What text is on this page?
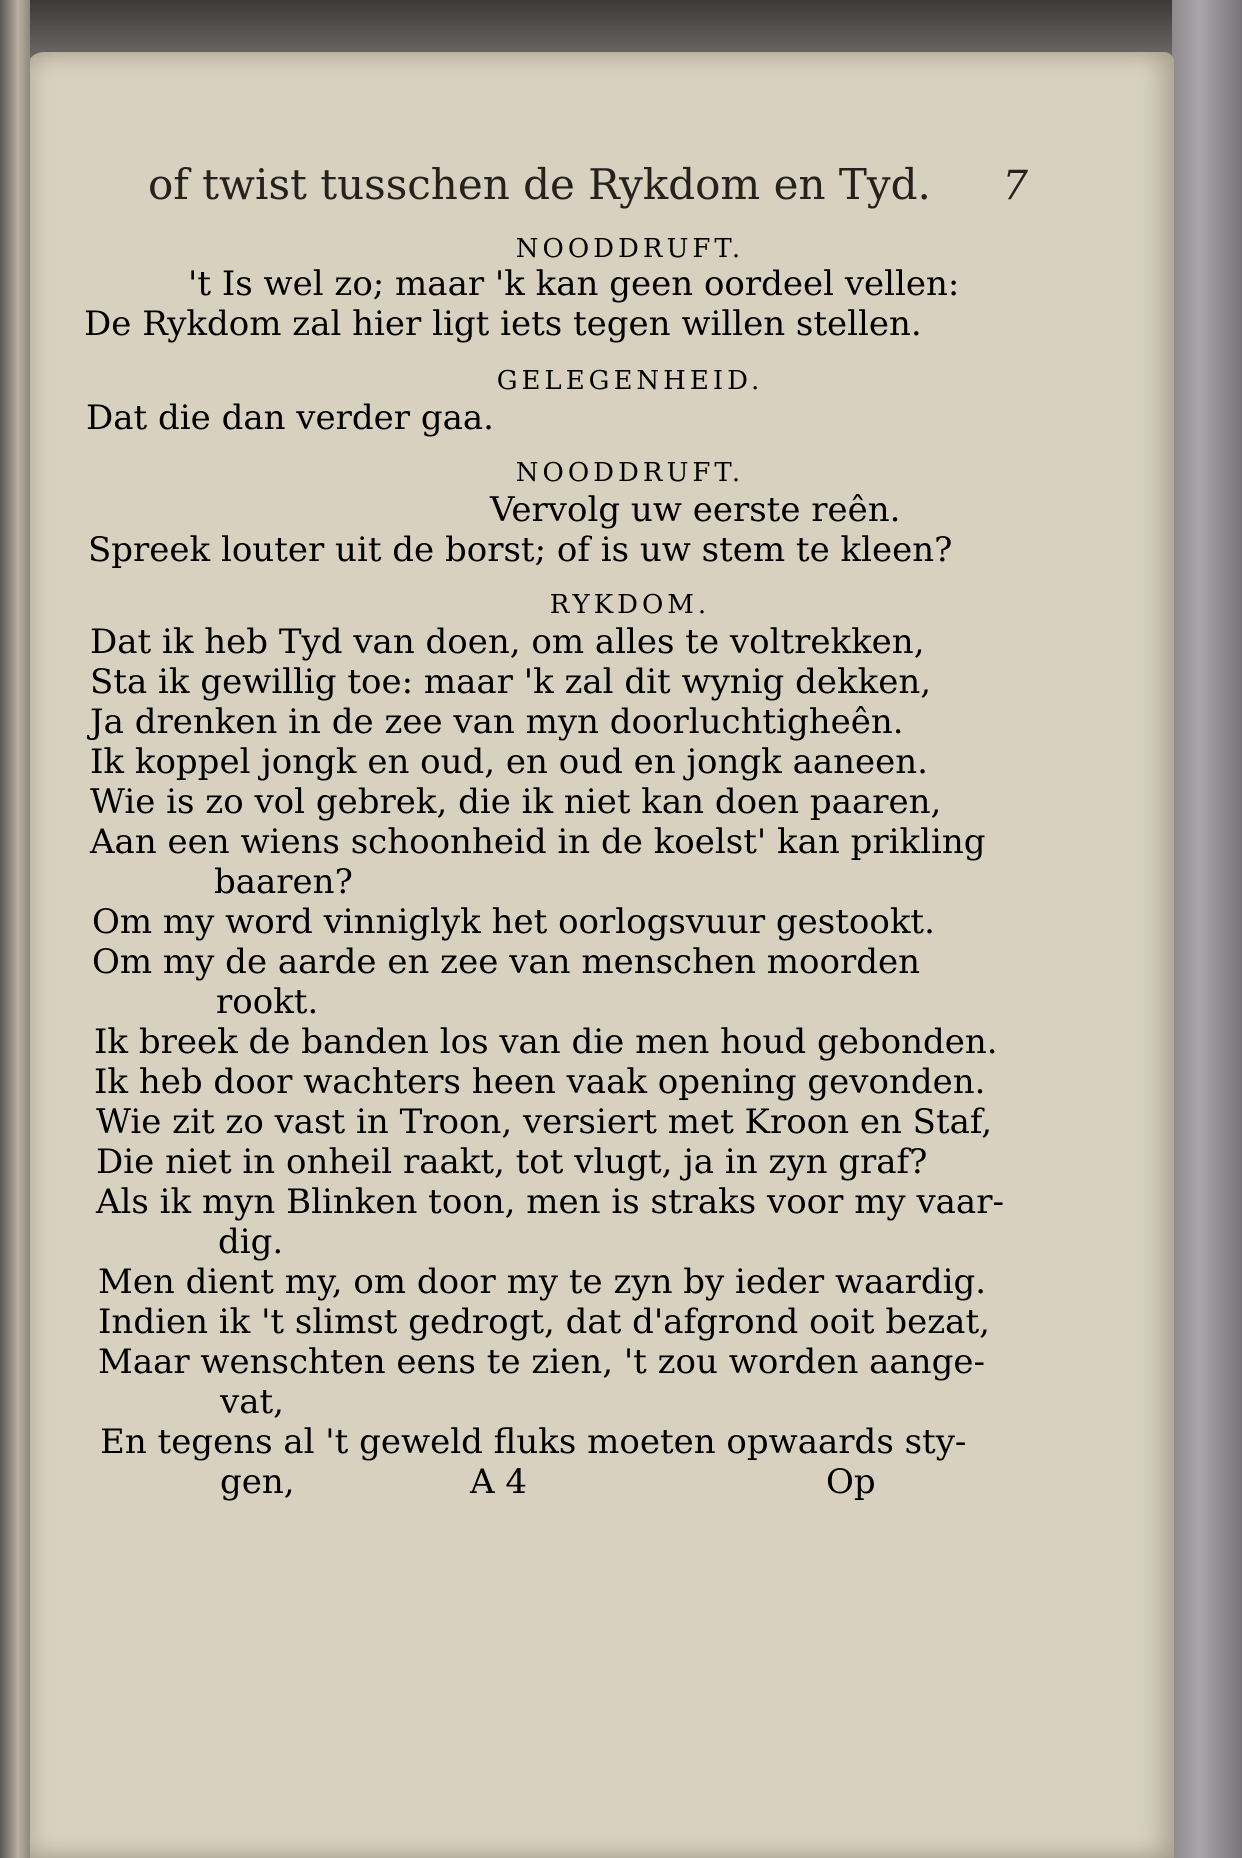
of twist tusschen de Rykdom en Tyd. 7
NOODDRUFT.
't Is wel zo; maar 'k kan geen oordeel vellen:
De Rykdom zal hier ligt iets tegen willen stellen.
GELEGENHEID.
Dat die dan verder gaa.
NOODDRUFT.
Vervolg uw eerste reên.
Spreek louter uit de borst; of is uw stem te kleen?
RYKDOM.
Dat ik heb Tyd van doen, om alles te voltrekken,
Sta ik gewillig toe: maar 'k zal dit wynig dekken,
Ja drenken in de zee van myn doorluchtigheên.
Ik koppel jongk en oud, en oud en jongk aaneen.
Wie is zo vol gebrek, die ik niet kan doen paaren,
Aan een wiens schoonheid in de koelst' kan prikling
baaren?
Om my word vinniglyk het oorlogsvuur gestookt.
Om my de aarde en zee van menschen moorden
rookt.
Ik breek de banden los van die men houd gebonden.
Ik heb door wachters heen vaak opening gevonden.
Wie zit zo vast in Troon, versiert met Kroon en Staf,
Die niet in onheil raakt, tot vlugt, ja in zyn graf?
Als ik myn Blinken toon, men is straks voor my vaar-
dig.
Men dient my, om door my te zyn by ieder waardig.
Indien ik 't slimst gedrogt, dat d'afgrond ooit bezat,
Maar wenschten eens te zien, 't zou worden aange-
vat,
En tegens al 't geweld fluks moeten opwaards sty-
gen,	A 4	Op
